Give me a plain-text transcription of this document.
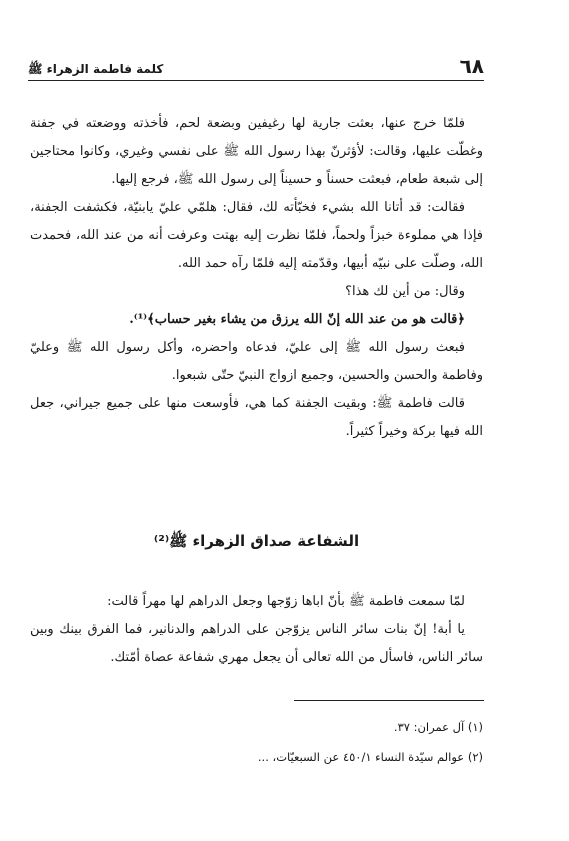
٦٨
كلمة فاطمة الزهراء ﷺ

فلمّا خرج عنها، بعثت جارية لها رغيفين وبضعة لحم، فأخذته ووضعته في جفنة وغطّت عليها، وقالت: لأؤثرنّ بهذا رسول الله ﷺ على نفسي وغيري، وكانوا محتاجين إلى شبعة طعام، فبعثت حسناً و حسيناً إلى رسول الله ﷺ، فرجع إليها.

فقالت: قد أتانا الله بشيء فخبّأته لك، فقال: هلمّي عليّ يابنيّة، فكشفت الجفنة، فإذا هي مملوءة خبزاً ولحماً، فلمّا نظرت إليه بهتت وعرفت أنه من عند الله، فحمدت الله، وصلّت على نبيّه أبيها، وقدّمته إليه فلمّا رآه حمد الله.

وقال: من أين لك هذا؟

﴿قالت هو من عند الله إنّ الله يرزق من يشاء بغير حساب﴾⁽¹⁾.

فبعث رسول الله ﷺ إلى عليّ، فدعاه واحضره، وأكل رسول الله ﷺ وعليّ وفاطمة والحسن والحسين، وجميع ازواج النبيّ حتّى شبعوا.

قالت فاطمة ﷺ: وبقيت الجفنة كما هي، فأوسعت منها على جميع جيراني، جعل الله فيها بركة وخيراً كثيراً.

الشفاعة صداق الزهراء ﷺ⁽²⁾

لمّا سمعت فاطمة ﷺ بأنّ اباها زوّجها وجعل الدراهم لها مهراً قالت:

يا أبة! إنّ بنات سائر الناس يزوّجن على الدراهم والدنانير، فما الفرق بينك وبين سائر الناس، فاسأل من الله تعالى أن يجعل مهري شفاعة عصاة أمّتك.

(١) آل عمران: ٣٧.
(٢) عوالم سيّدة النساء ٤٥٠/١ عن السبعيّات، ...
